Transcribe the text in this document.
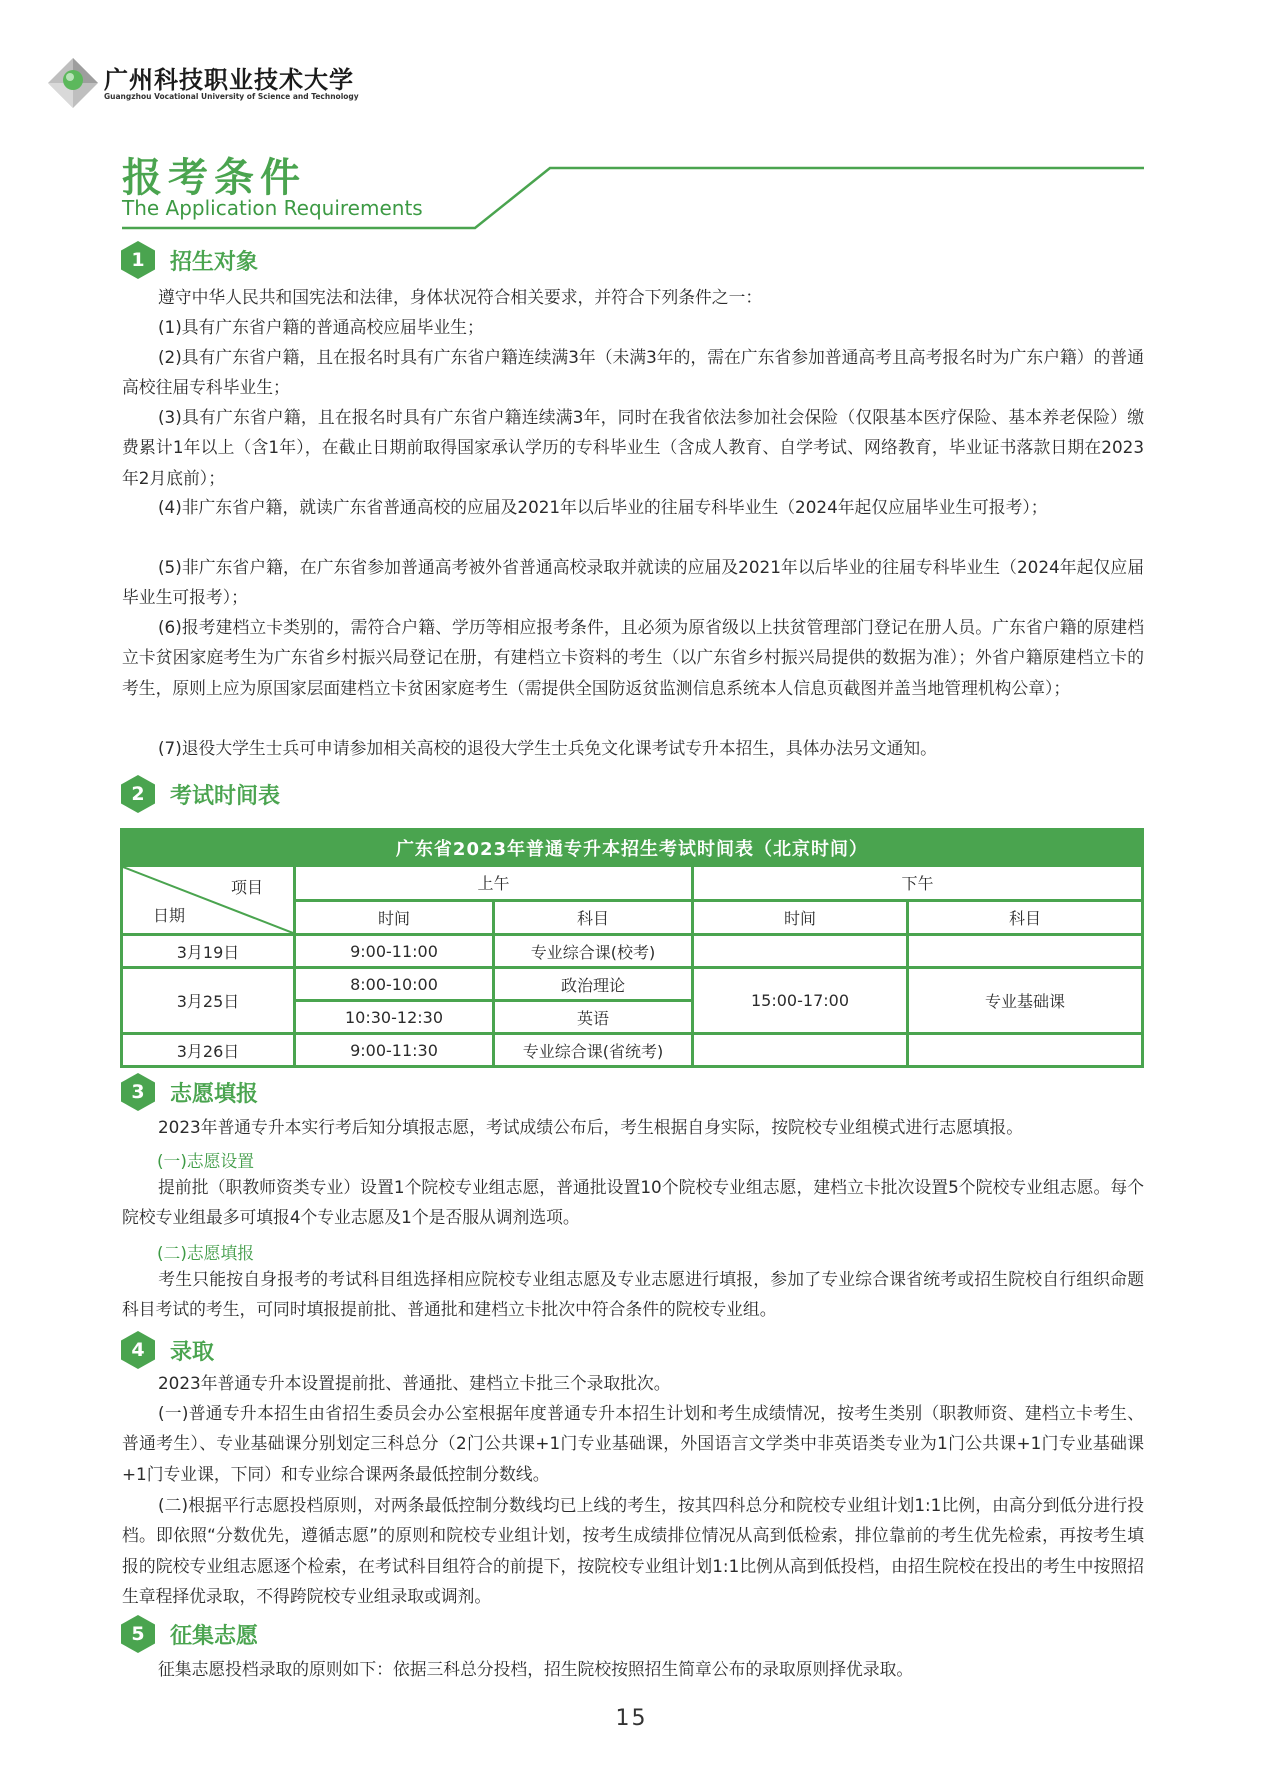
广州科技职业技术大学
Guangzhou Vocational University of Science and Technology
报考条件
The Application Requirements
1	招生对象
遵守中华人民共和国宪法和法律，身体状况符合相关要求，并符合下列条件之一：
(1)具有广东省户籍的普通高校应届毕业生；
(2)具有广东省户籍，且在报名时具有广东省户籍连续满3年（未满3年的，需在广东省参加普通高考且高考报名时为广东户籍）的普通高校往届专科毕业生；
(3)具有广东省户籍，且在报名时具有广东省户籍连续满3年，同时在我省依法参加社会保险（仅限基本医疗保险、基本养老保险）缴费累计1年以上（含1年），在截止日期前取得国家承认学历的专科毕业生（含成人教育、自学考试、网络教育，毕业证书落款日期在2023年2月底前）；
(4)非广东省户籍，就读广东省普通高校的应届及2021年以后毕业的往届专科毕业生（2024年起仅应届毕业生可报考）；
(5)非广东省户籍，在广东省参加普通高考被外省普通高校录取并就读的应届及2021年以后毕业的往届专科毕业生（2024年起仅应届毕业生可报考）；
(6)报考建档立卡类别的，需符合户籍、学历等相应报考条件，且必须为原省级以上扶贫管理部门登记在册人员。广东省户籍的原建档立卡贫困家庭考生为广东省乡村振兴局登记在册，有建档立卡资料的考生（以广东省乡村振兴局提供的数据为准）；外省户籍原建档立卡的考生，原则上应为原国家层面建档立卡贫困家庭考生（需提供全国防返贫监测信息系统本人信息页截图并盖当地管理机构公章）；
(7)退役大学生士兵可申请参加相关高校的退役大学生士兵免文化课考试专升本招生，具体办法另文通知。
2	考试时间表
广东省2023年普通专升本招生考试时间表（北京时间）				

项目
日期	上午		下午	
	时间	科目	时间	科目
3月19日	9:00-11:00	专业综合课(校考)		
3月25日	8:00-10:00	政治理论	15:00-17:00	专业基础课
	10:30-12:30	英语		
3月26日	9:00-11:30	专业综合课(省统考)		
3	志愿填报
2023年普通专升本实行考后知分填报志愿，考试成绩公布后，考生根据自身实际，按院校专业组模式进行志愿填报。
(一)志愿设置
提前批（职教师资类专业）设置1个院校专业组志愿，普通批设置10个院校专业组志愿，建档立卡批次设置5个院校专业组志愿。每个院校专业组最多可填报4个专业志愿及1个是否服从调剂选项。
(二)志愿填报
考生只能按自身报考的考试科目组选择相应院校专业组志愿及专业志愿进行填报，参加了专业综合课省统考或招生院校自行组织命题科目考试的考生，可同时填报提前批、普通批和建档立卡批次中符合条件的院校专业组。
4	录取
2023年普通专升本设置提前批、普通批、建档立卡批三个录取批次。
(一)普通专升本招生由省招生委员会办公室根据年度普通专升本招生计划和考生成绩情况，按考生类别（职教师资、建档立卡考生、普通考生）、专业基础课分别划定三科总分（2门公共课+1门专业基础课，外国语言文学类中非英语类专业为1门公共课+1门专业基础课+1门专业课，下同）和专业综合课两条最低控制分数线。
(二)根据平行志愿投档原则，对两条最低控制分数线均已上线的考生，按其四科总分和院校专业组计划1:1比例，由高分到低分进行投档。即依照“分数优先，遵循志愿”的原则和院校专业组计划，按考生成绩排位情况从高到低检索，排位靠前的考生优先检索，再按考生填报的院校专业组志愿逐个检索，在考试科目组符合的前提下，按院校专业组计划1:1比例从高到低投档，由招生院校在投出的考生中按照招生章程择优录取，不得跨院校专业组录取或调剂。
5	征集志愿
征集志愿投档录取的原则如下：依据三科总分投档，招生院校按照招生简章公布的录取原则择优录取。
15
